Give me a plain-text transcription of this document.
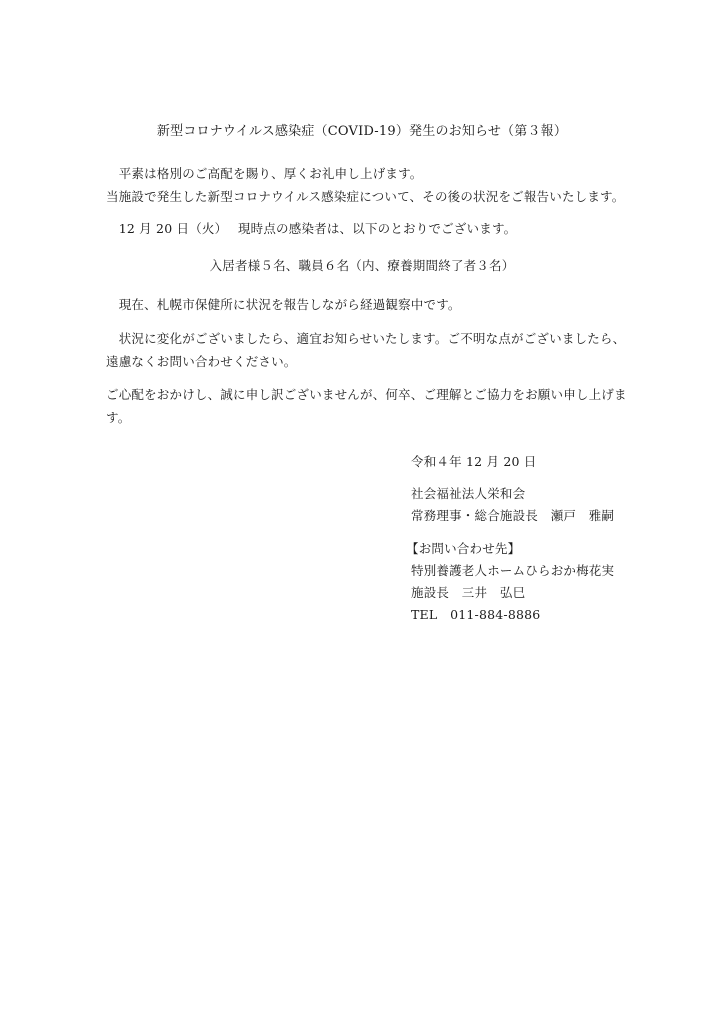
新型コロナウイルス感染症（COVID-19）発生のお知らせ（第３報）
　平素は格別のご高配を賜り、厚くお礼申し上げます。
当施設で発生した新型コロナウイルス感染症について、その後の状況をご報告いたします。
　12 月 20 日（火）　 現時点の感染者は、以下のとおりでございます。
入居者様５名、職員６名（内、療養期間終了者３名）
　現在、札幌市保健所に状況を報告しながら経過観察中です。
　状況に変化がございましたら、適宜お知らせいたします。ご不明な点がございましたら、
遠慮なくお問い合わせください。
ご心配をおかけし、誠に申し訳ございませんが、何卒、ご理解とご協力をお願い申し上げま
す。
令和４年 12 月 20 日
社会福祉法人栄和会
常務理事・総合施設長　瀬戸　雅嗣
【お問い合わせ先】
特別養護老人ホームひらおか梅花実
施設長　三井　弘巳
TEL　011-884-8886
